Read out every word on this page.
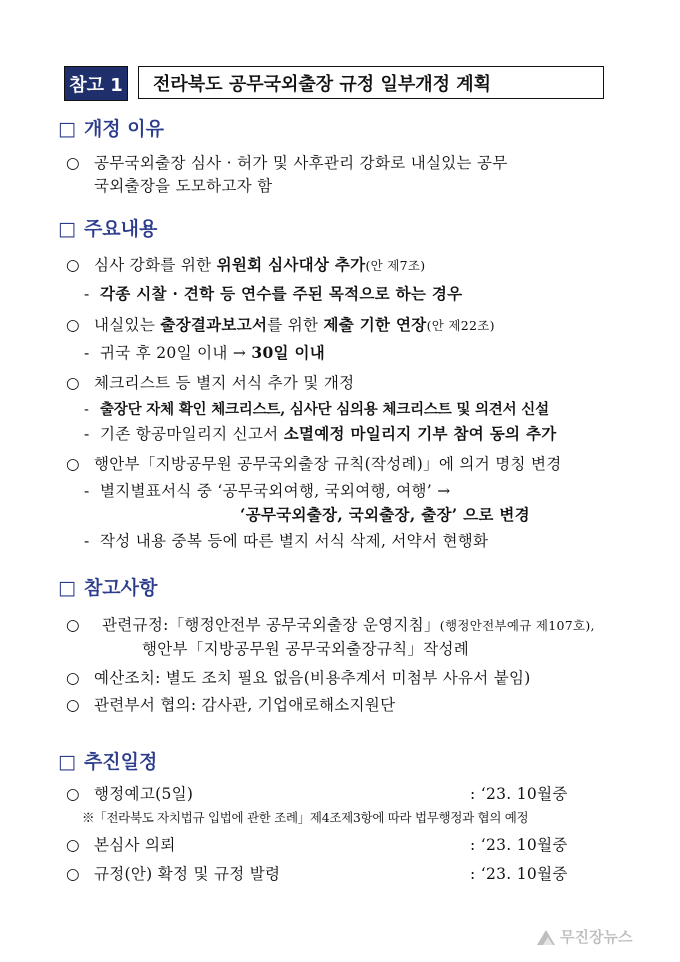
참고 1	전라북도 공무국외출장 규정 일부개정 계획
□ 개정 이유
○ 공무국외출장 심사 · 허가 및 사후관리 강화로 내실있는 공무
국외출장을 도모하고자 함
□ 주요내용
○ 심사 강화를 위한 위원회 심사대상 추가(안 제7조)
- 각종 시찰 · 견학 등 연수를 주된 목적으로 하는 경우
○ 내실있는 출장결과보고서를 위한 제출 기한 연장(안 제22조)
- 귀국 후 20일 이내 → 30일 이내
○ 체크리스트 등 별지 서식 추가 및 개정
- 출장단 자체 확인 체크리스트, 심사단 심의용 체크리스트 및 의견서 신설
- 기존 항공마일리지 신고서 소멸예정 마일리지 기부 참여 동의 추가
○ 행안부「지방공무원 공무국외출장 규칙(작성례)」에 의거 명칭 변경
- 별지별표서식 중 ‘공무국외여행, 국외여행, 여행’ →
‘공무국외출장, 국외출장, 출장’ 으로 변경
- 작성 내용 중복 등에 따른 별지 서식 삭제, 서약서 현행화
□ 참고사항
○ 관련규정:「행정안전부 공무국외출장 운영지침」(행정안전부예규 제107호),
행안부「지방공무원 공무국외출장규칙」작성례
○ 예산조치: 별도 조치 필요 없음(비용추계서 미첨부 사유서 붙임)
○ 관련부서 협의: 감사관, 기업애로해소지원단
□ 추진일정
○ 행정예고(5일)	: ‘23. 10월중
※「전라북도 자치법규 입법에 관한 조례」제4조제3항에 따라 법무행정과 협의 예정
○ 본심사 의뢰	: ‘23. 10월중
○ 규정(안) 확정 및 규정 발령	: ‘23. 10월중
무진장뉴스
